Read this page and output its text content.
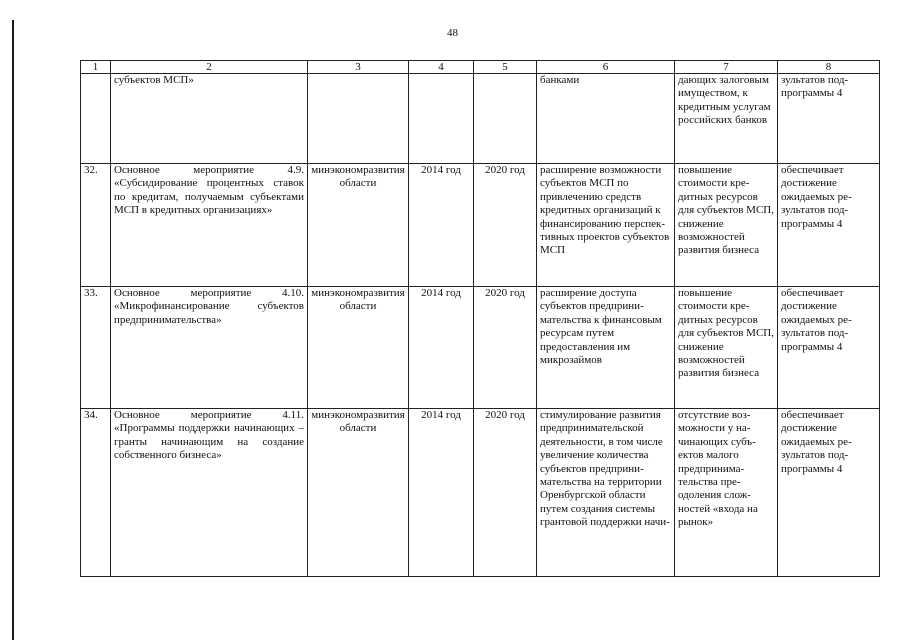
48
1	2	3	4	5	6	7	8
	субъектов МСП»				банками	дающих залоговым имуществом, к кредитным услугам российских банков	зультатов подпрограммы 4
32.	Основное мероприятие 4.9. «Субсидирование процентных ставок по кредитам, получаемым субъектами МСП в кредитных организациях»	минэкономразвития области	2014 год	2020 год	расширение возможности субъектов МСП по привлечению средств кредитных организаций к финансированию перспективных проектов субъектов МСП	повышение стоимости кредитных ресурсов для субъектов МСП, снижение возможностей развития бизнеса	обеспечивает достижение ожидаемых результатов подпрограммы 4
33.	Основное мероприятие 4.10. «Микрофинансирование субъектов предпринимательства»	минэкономразвития области	2014 год	2020 год	расширение доступа субъектов предпринимательства к финансовым ресурсам путем предоставления им микрозаймов	повышение стоимости кредитных ресурсов для субъектов МСП, снижение возможностей развития бизнеса	обеспечивает достижение ожидаемых результатов подпрограммы 4
34.	Основное мероприятие 4.11. «Программы поддержки начинающих – гранты начинающим на создание собственного бизнеса»	минэкономразвития области	2014 год	2020 год	стимулирование развития предпринимательской деятельности, в том числе увеличение количества субъектов предпринимательства на территории Оренбургской области путем создания системы грантовой поддержки начи-	отсутствие возможности у начинающих субъектов малого предпринимательства преодоления сложностей «входа на рынок»	обеспечивает достижение ожидаемых результатов подпрограммы 4
